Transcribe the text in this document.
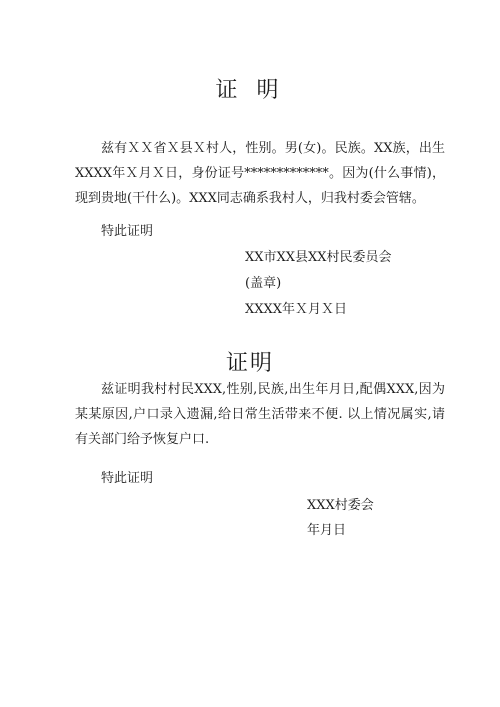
证 明
兹有ＸＸ省Ｘ县Ｘ村人，性别。男(女)。民族。XX族，出生XXXX年Ｘ月Ｘ日，身份证号*************。因为(什么事情)，现到贵地(干什么)。XXX同志确系我村人，归我村委会管辖。
特此证明
XX市XX县XX村民委员会
(盖章)
XXXX年Ｘ月Ｘ日
证明
兹证明我村村民XXX,性别,民族,出生年月日,配偶XXX,因为某某原因,户口录入遗漏,给日常生活带来不便. 以上情况属实,请有关部门给予恢复户口.
特此证明
XXX村委会
年月日
